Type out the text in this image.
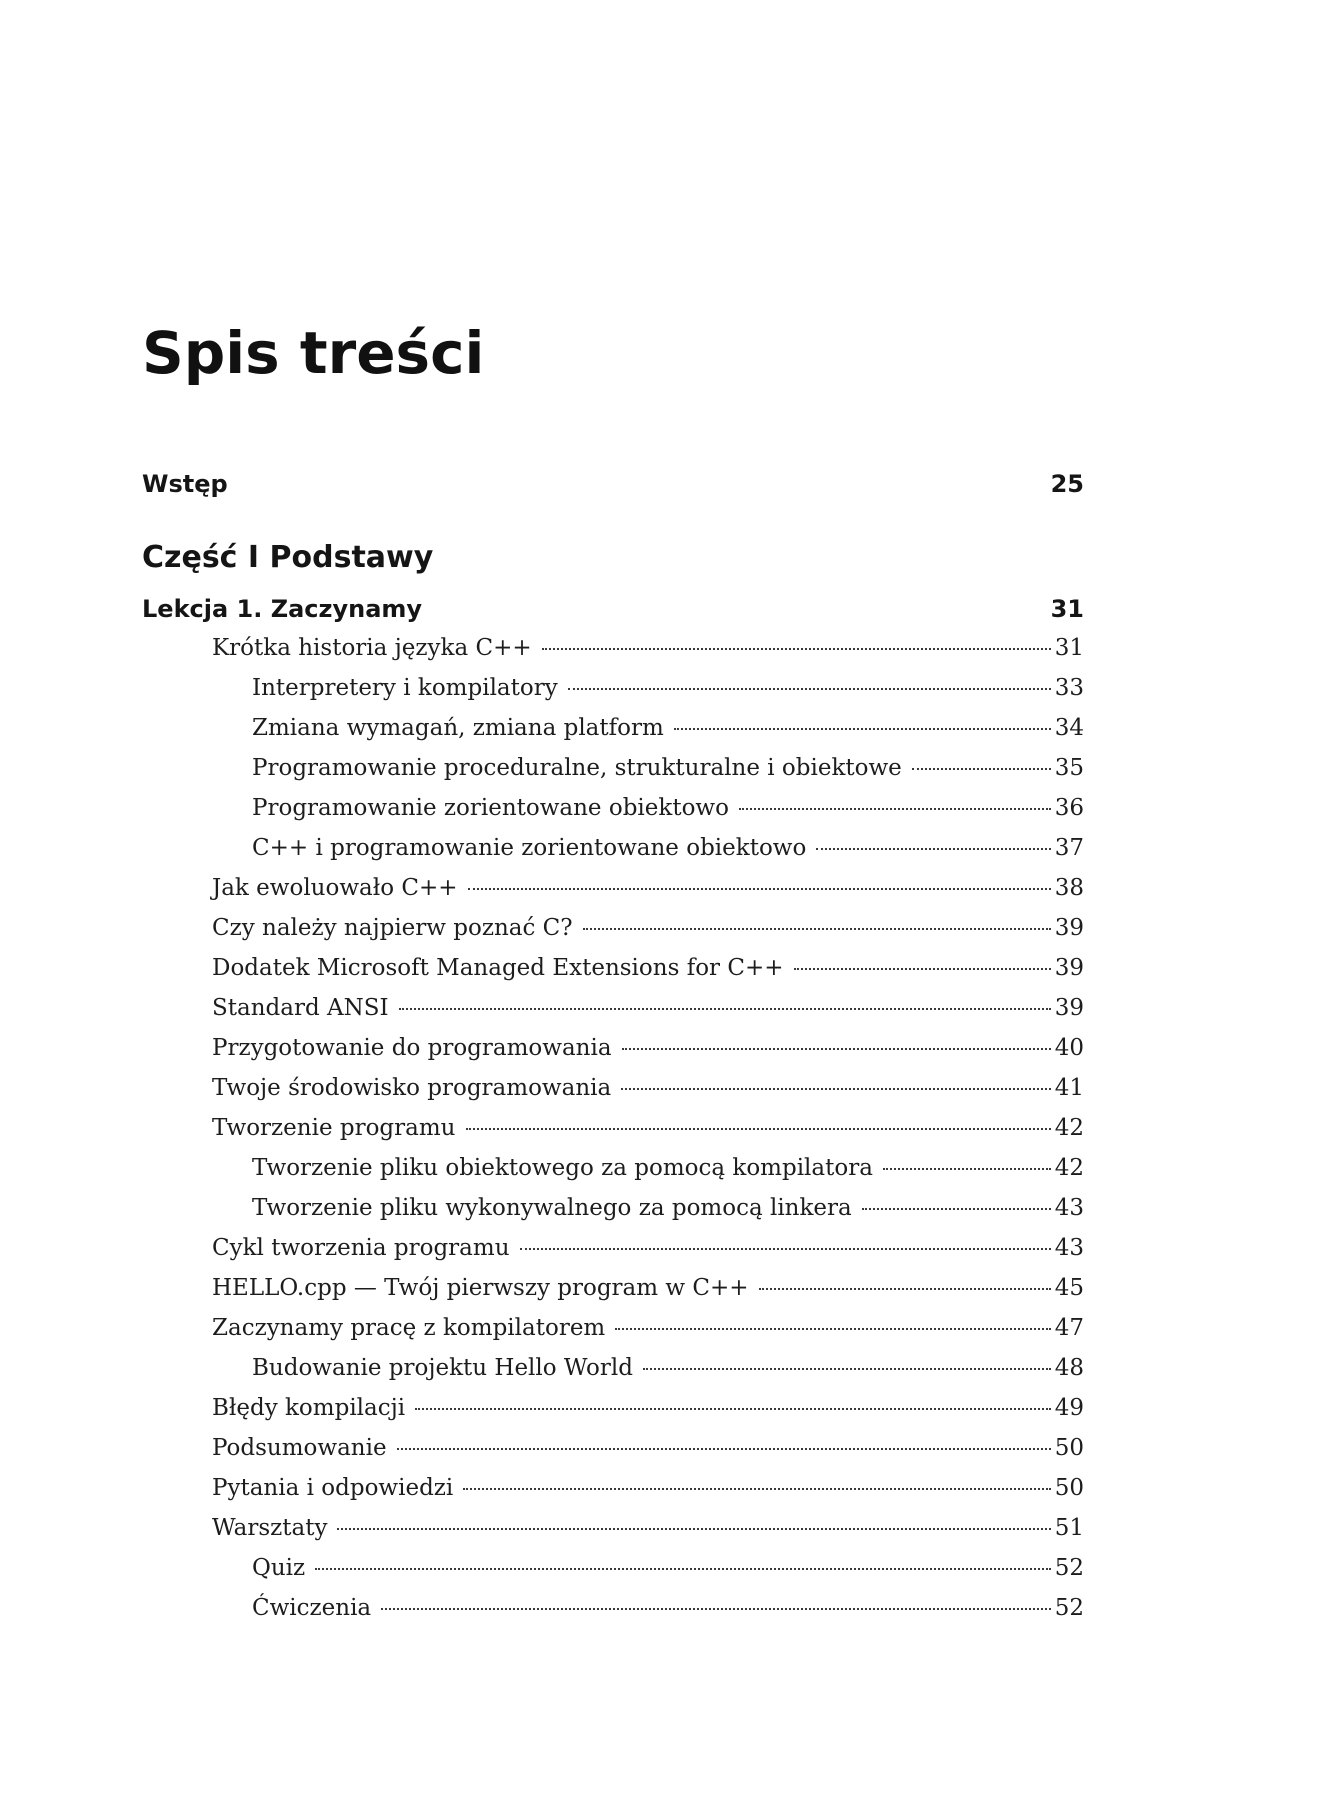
Spis treści
Wstęp	25
Część I Podstawy
Lekcja 1. Zaczynamy	31
Krótka historia języka C++	31
Interpretery i kompilatory	33
Zmiana wymagań, zmiana platform	34
Programowanie proceduralne, strukturalne i obiektowe	35
Programowanie zorientowane obiektowo	36
C++ i programowanie zorientowane obiektowo	37
Jak ewoluowało C++	38
Czy należy najpierw poznać C?	39
Dodatek Microsoft Managed Extensions for C++	39
Standard ANSI	39
Przygotowanie do programowania	40
Twoje środowisko programowania	41
Tworzenie programu	42
Tworzenie pliku obiektowego za pomocą kompilatora	42
Tworzenie pliku wykonywalnego za pomocą linkera	43
Cykl tworzenia programu	43
HELLO.cpp — Twój pierwszy program w C++	45
Zaczynamy pracę z kompilatorem	47
Budowanie projektu Hello World	48
Błędy kompilacji	49
Podsumowanie	50
Pytania i odpowiedzi	50
Warsztaty	51
Quiz	52
Ćwiczenia	52
